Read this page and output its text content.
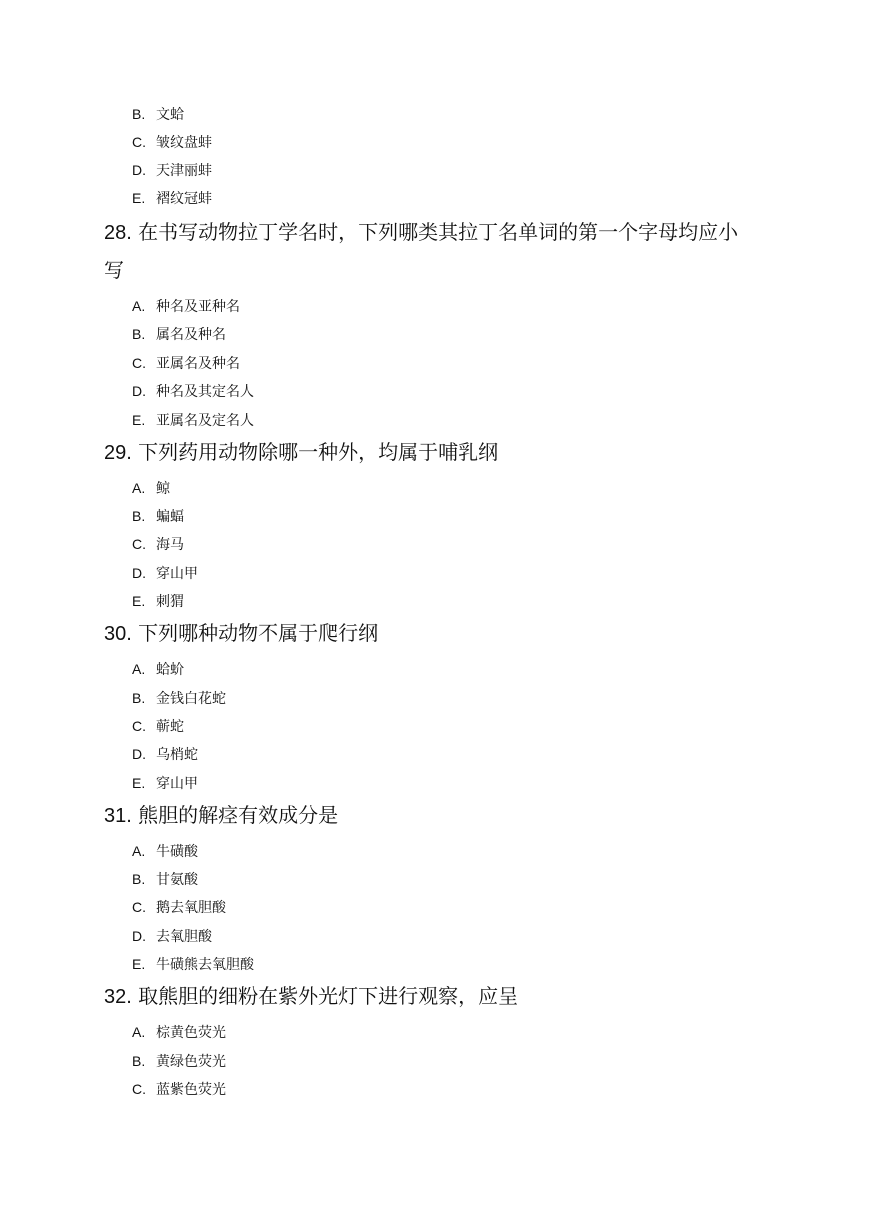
B. 文蛤
C. 皱纹盘蚌
D. 天津丽蚌
E. 褶纹冠蚌
28. 在书写动物拉丁学名时，下列哪类其拉丁名单词的第一个字母均应小
写
A. 种名及亚种名
B. 属名及种名
C. 亚属名及种名
D. 种名及其定名人
E. 亚属名及定名人
29. 下列药用动物除哪一种外，均属于哺乳纲
A. 鲸
B. 蝙蝠
C. 海马
D. 穿山甲
E. 刺猬
30. 下列哪种动物不属于爬行纲
A. 蛤蚧
B. 金钱白花蛇
C. 蕲蛇
D. 乌梢蛇
E. 穿山甲
31. 熊胆的解痉有效成分是
A. 牛磺酸
B. 甘氨酸
C. 鹅去氧胆酸
D. 去氧胆酸
E. 牛磺熊去氧胆酸
32. 取熊胆的细粉在紫外光灯下进行观察，应呈
A. 棕黄色荧光
B. 黄绿色荧光
C. 蓝紫色荧光
